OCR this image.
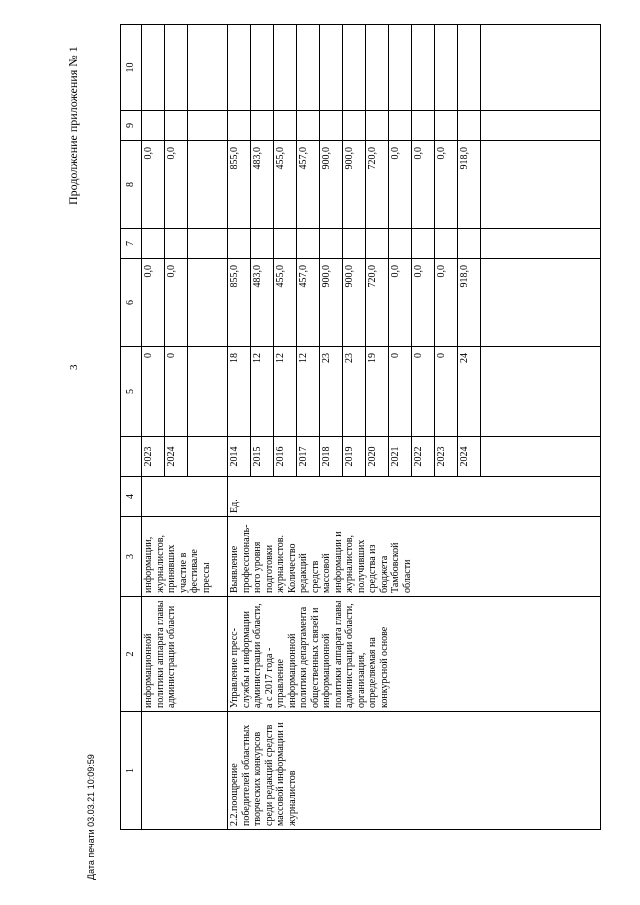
3
Продолжение приложения № 1
Дата печати 03.03.21 10:09:59	1	2	3	4		5	6	7	8	9	10
	информационной политики аппарата главы администрации области	информации, журналистов, принявших участие в фестивале прессы		2023	0	0,0		0,0		
				2024	0	0,0		0,0		

2.2.поощрение победителей областных творческих конкурсов среди редакций средств массовой информации и журналистов	Управление пресс-службы и информации администрации области, а с 2017 года - управление информационной политики департамента общественных связей и информационной политики аппарата главы администрации области, организация, определяемая на конкурсной основе	Выявление профессиональ-ного уровня подготовки журналистов. Количество редакций средств массовой информации и журналистов, получивших средства из бюджета Тамбовской области	Ед.	2014	18	855,0		855,0		
				2015	12	483,0		483,0		
				2016	12	455,0		455,0		
				2017	12	457,0		457,0		
				2018	23	900,0		900,0		
				2019	23	900,0		900,0		
				2020	19	720,0		720,0		
				2021	0	0,0		0,0		
				2022	0	0,0		0,0		
				2023	0	0,0		0,0		
				2024	24	918,0		918,0		
